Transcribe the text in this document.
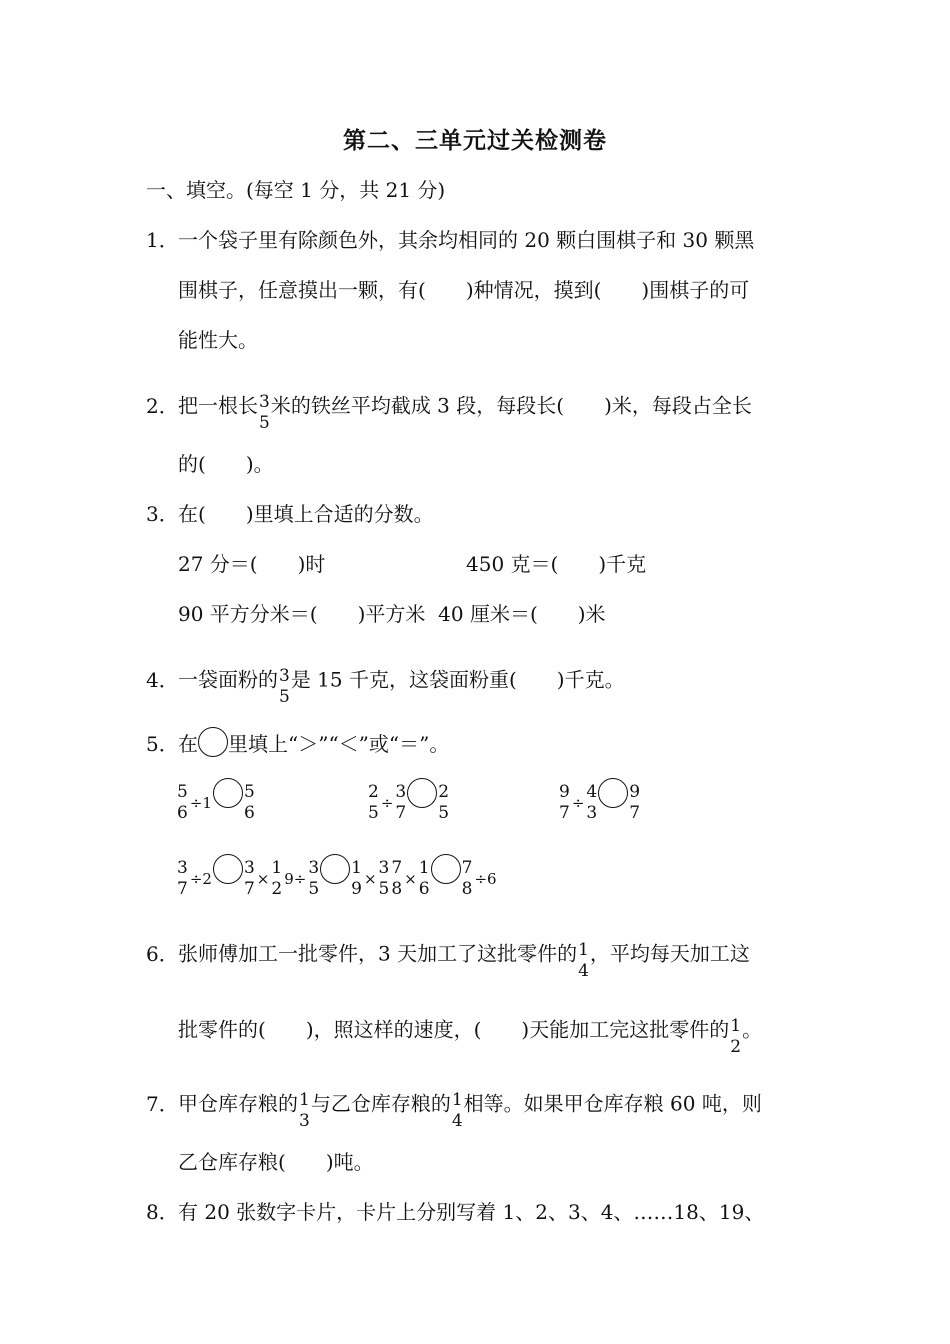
第二、三单元过关检测卷
一、填空。(每空 1 分，共 21 分)
1．一个袋子里有除颜色外，其余均相同的 20 颗白围棋子和 30 颗黑
围棋子，任意摸出一颗，有( )种情况，摸到( )围棋子的可
能性大。
2．把一根长 3
5
米的铁丝平均截成 3 段，每段长( )米，每段占全长
的( )。
3．在( )里填上合适的分数。
27 分＝( )时	450 克＝( )千克
90 平方分米＝( )平方米 40 厘米＝( )米
4．一袋面粉的 3
5
是 15 千克，这袋面粉重( )千克。
5．在 里填上“＞”“＜”或“＝”。
5
6 $_{\div 1}$
5
6
2
5 $_\div$
3
7
2
5
9
7 $_\div$
4
3
9
7
3
7 $_{\div 2}$
3
7 $_\times$
1
2 $_{9\div}$
3
5
1
9 $_\times$
3
5
7
8 $_\times$
1
6
7
8 $_{\div 6}$
6．张师傅加工一批零件，3 天加工了这批零件的 1
4
，平均每天加工这
批零件的( )，照这样的速度，( )天能加工完这批零件的 1
2
。
7．甲仓库存粮的 1
3
与乙仓库存粮的 1
4
相等。如果甲仓库存粮 60 吨，则
乙仓库存粮( )吨。
8．有 20 张数字卡片，卡片上分别写着 1、2、3、4、……18、19、
